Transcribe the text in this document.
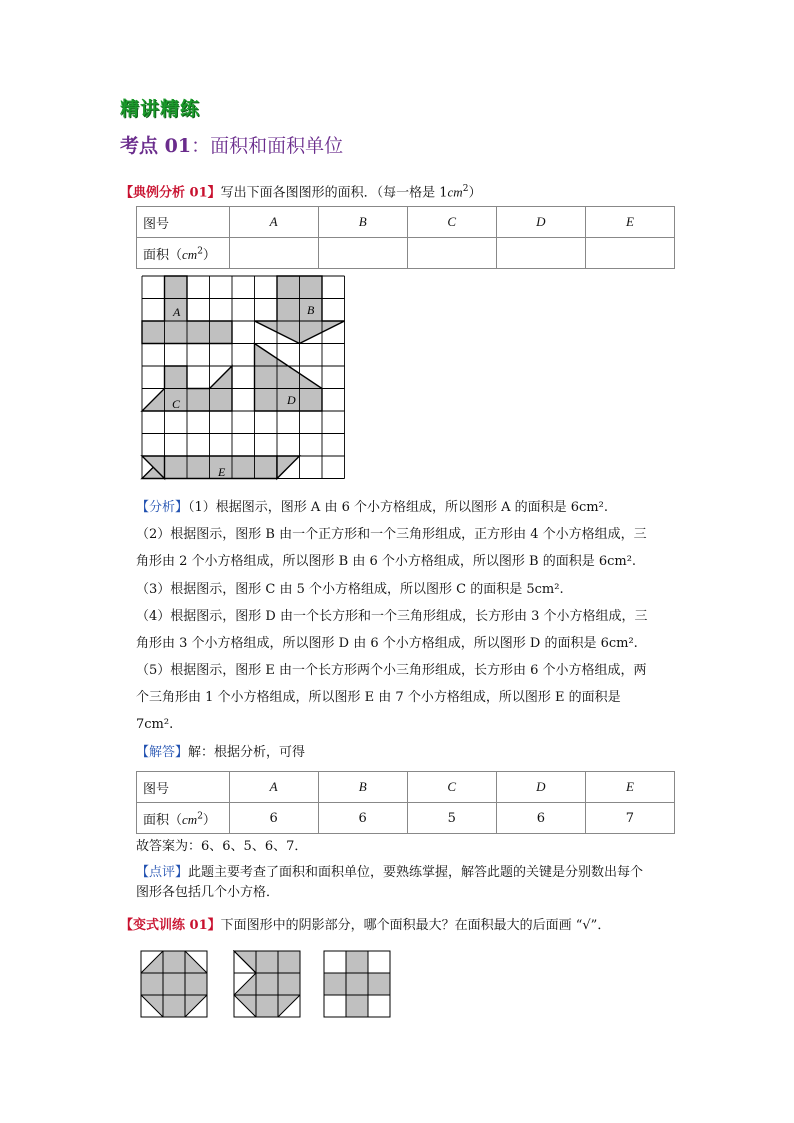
精讲精练
考点 01：面积和面积单位
【典例分析 01】写出下面各图图形的面积．（每一格是 $1cm^2$）
图号	A	B	C	D	E
面积$(cm^2)$					
A	B
C	D
E
【分析】（1）根据图示，图形 A 由 6 个小方格组成，所以图形 A 的面积是 6cm².
（2）根据图示，图形 B 由一个正方形和一个三角形组成，正方形由 4 个小方格组成，三
角形由 2 个小方格组成，所以图形 B 由 6 个小方格组成，所以图形 B 的面积是 6cm².
（3）根据图示，图形 C 由 5 个小方格组成，所以图形 C 的面积是 5cm².
（4）根据图示，图形 D 由一个长方形和一个三角形组成，长方形由 3 个小方格组成，三
角形由 3 个小方格组成，所以图形 D 由 6 个小方格组成，所以图形 D 的面积是 6cm².
（5）根据图示，图形 E 由一个长方形两个小三角形组成，长方形由 6 个小方格组成，两
个三角形由 1 个小方格组成，所以图形 E 由 7 个小方格组成，所以图形 E 的面积是
7cm².
【解答】解：根据分析，可得
图号	A	B	C	D	E
面积$(cm^2)$	6	6	5	6	7
故答案为：6、6、5、6、7．
【点评】此题主要考查了面积和面积单位，要熟练掌握，解答此题的关键是分别数出每个
图形各包括几个小方格．
【变式训练 01】下面图形中的阴影部分，哪个面积最大？在面积最大的后面画 “√”．
